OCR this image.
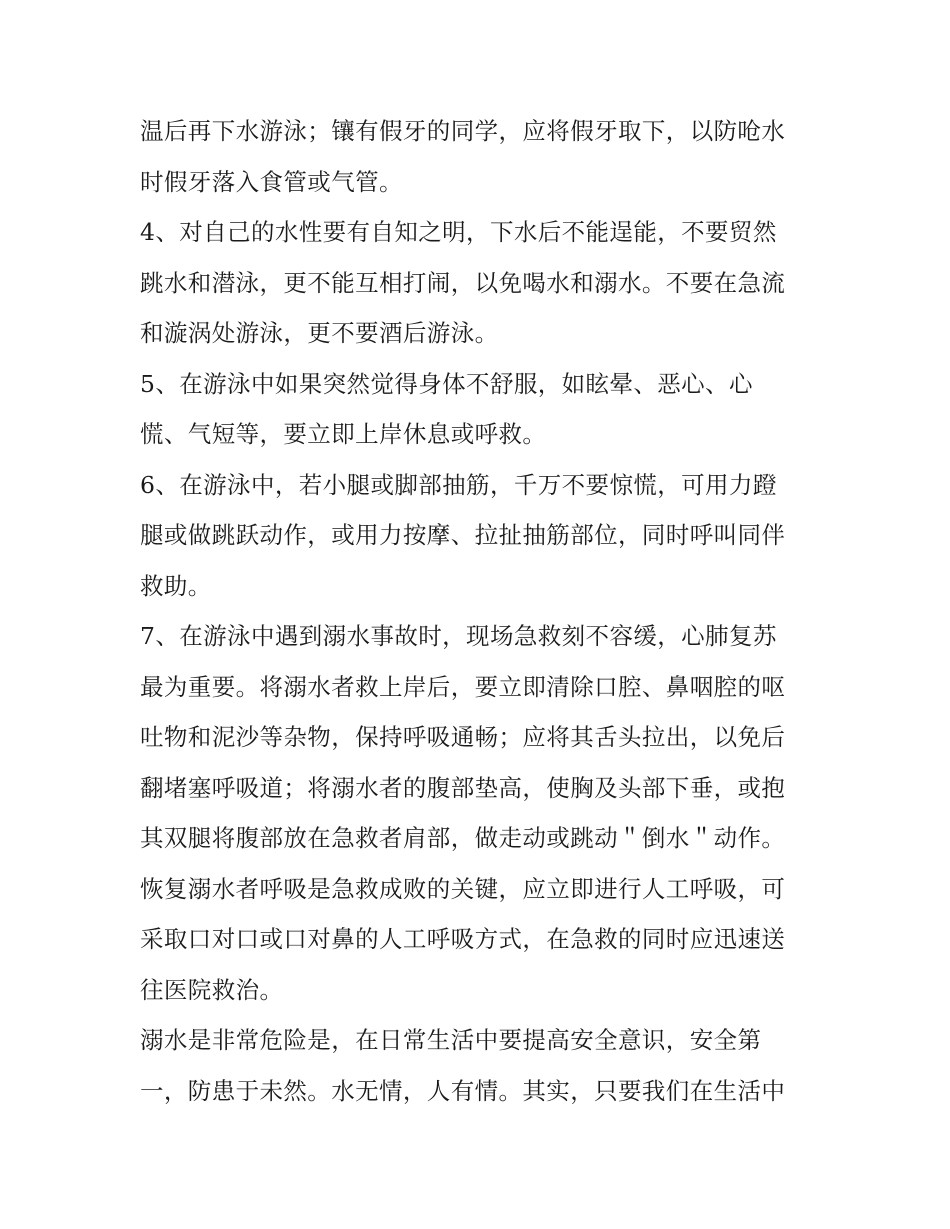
温后再下水游泳；镶有假牙的同学，应将假牙取下，以防呛水
时假牙落入食管或气管。
4、对自己的水性要有自知之明，下水后不能逞能，不要贸然
跳水和潜泳，更不能互相打闹，以免喝水和溺水。不要在急流
和漩涡处游泳，更不要酒后游泳。
5、在游泳中如果突然觉得身体不舒服，如眩晕、恶心、心
慌、气短等，要立即上岸休息或呼救。
6、在游泳中，若小腿或脚部抽筋，千万不要惊慌，可用力蹬
腿或做跳跃动作，或用力按摩、拉扯抽筋部位，同时呼叫同伴
救助。
7、在游泳中遇到溺水事故时，现场急救刻不容缓，心肺复苏
最为重要。将溺水者救上岸后，要立即清除口腔、鼻咽腔的呕
吐物和泥沙等杂物，保持呼吸通畅；应将其舌头拉出，以免后
翻堵塞呼吸道；将溺水者的腹部垫高，使胸及头部下垂，或抱
其双腿将腹部放在急救者肩部，做走动或跳动＂倒水＂动作。
恢复溺水者呼吸是急救成败的关键，应立即进行人工呼吸，可
采取口对口或口对鼻的人工呼吸方式，在急救的同时应迅速送
往医院救治。
溺水是非常危险是，在日常生活中要提高安全意识，安全第
一，防患于未然。水无情，人有情。其实，只要我们在生活中
